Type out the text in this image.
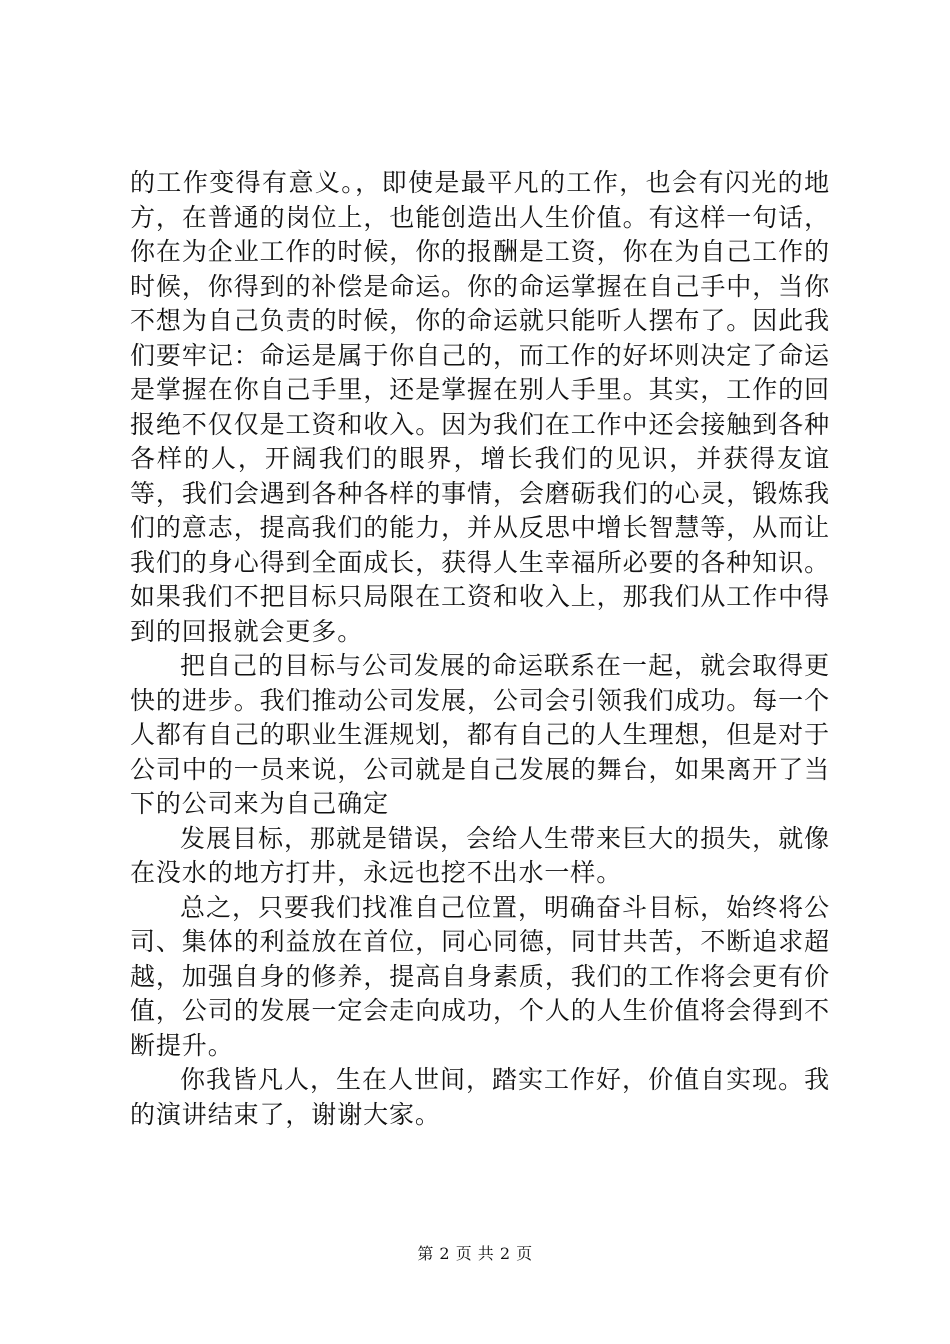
的工作变得有意义。，即使是最平凡的工作，也会有闪光的地方，在普通的岗位上，也能创造出人生价值。有这样一句话，你在为企业工作的时候，你的报酬是工资，你在为自己工作的时候，你得到的补偿是命运。你的命运掌握在自己手中，当你不想为自己负责的时候，你的命运就只能听人摆布了。因此我们要牢记：命运是属于你自己的，而工作的好坏则决定了命运是掌握在你自己手里，还是掌握在别人手里。其实，工作的回报绝不仅仅是工资和收入。因为我们在工作中还会接触到各种各样的人，开阔我们的眼界，增长我们的见识，并获得友谊等，我们会遇到各种各样的事情，会磨砺我们的心灵，锻炼我们的意志，提高我们的能力，并从反思中增长智慧等，从而让我们的身心得到全面成长，获得人生幸福所必要的各种知识。如果我们不把目标只局限在工资和收入上，那我们从工作中得到的回报就会更多。

把自己的目标与公司发展的命运联系在一起，就会取得更快的进步。我们推动公司发展，公司会引领我们成功。每一个人都有自己的职业生涯规划，都有自己的人生理想，但是对于公司中的一员来说，公司就是自己发展的舞台，如果离开了当下的公司来为自己确定

发展目标，那就是错误，会给人生带来巨大的损失，就像在没水的地方打井，永远也挖不出水一样。

总之，只要我们找准自己位置，明确奋斗目标，始终将公司、集体的利益放在首位，同心同德，同甘共苦，不断追求超越，加强自身的修养，提高自身素质，我们的工作将会更有价值，公司的发展一定会走向成功，个人的人生价值将会得到不断提升。

你我皆凡人，生在人世间，踏实工作好，价值自实现。我的演讲结束了，谢谢大家。

第 2 页 共 2 页
